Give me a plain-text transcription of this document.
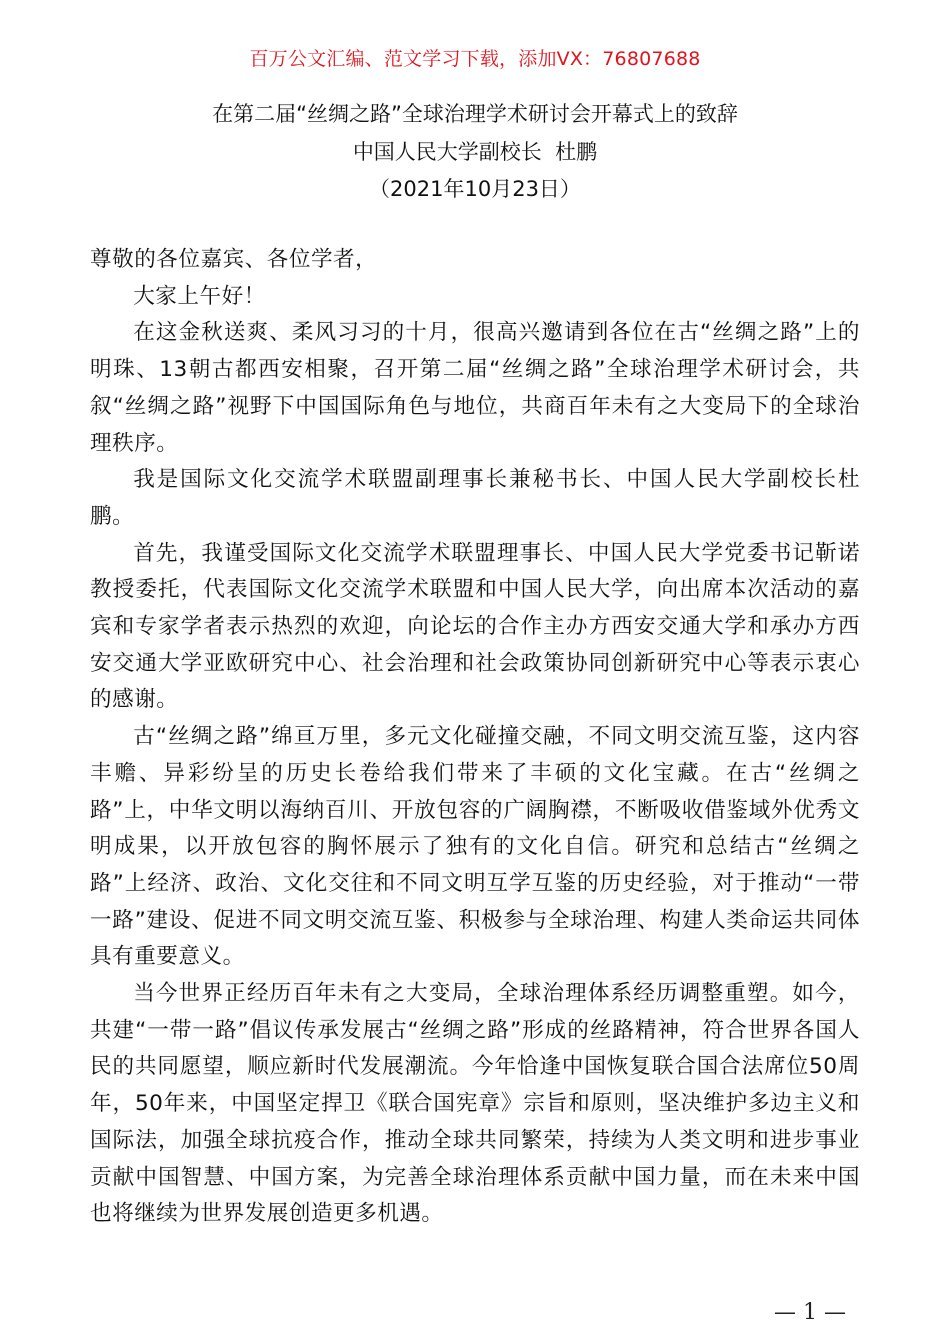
百万公文汇编、范文学习下载，添加VX：76807688
在第二届“丝绸之路”全球治理学术研讨会开幕式上的致辞
中国人民大学副校长  杜鹏
（2021年10月23日）

尊敬的各位嘉宾、各位学者，

大家上午好！

在这金秋送爽、柔风习习的十月，很高兴邀请到各位在古“丝绸之路”上的明珠、13朝古都西安相聚，召开第二届“丝绸之路”全球治理学术研讨会，共叙“丝绸之路”视野下中国国际角色与地位，共商百年未有之大变局下的全球治理秩序。

我是国际文化交流学术联盟副理事长兼秘书长、中国人民大学副校长杜鹏。

首先，我谨受国际文化交流学术联盟理事长、中国人民大学党委书记靳诺教授委托，代表国际文化交流学术联盟和中国人民大学，向出席本次活动的嘉宾和专家学者表示热烈的欢迎，向论坛的合作主办方西安交通大学和承办方西安交通大学亚欧研究中心、社会治理和社会政策协同创新研究中心等表示衷心的感谢。

古“丝绸之路”绵亘万里，多元文化碰撞交融，不同文明交流互鉴，这内容丰赡、异彩纷呈的历史长卷给我们带来了丰硕的文化宝藏。在古“丝绸之路”上，中华文明以海纳百川、开放包容的广阔胸襟，不断吸收借鉴域外优秀文明成果，以开放包容的胸怀展示了独有的文化自信。研究和总结古“丝绸之路”上经济、政治、文化交往和不同文明互学互鉴的历史经验，对于推动“一带一路”建设、促进不同文明交流互鉴、积极参与全球治理、构建人类命运共同体具有重要意义。

当今世界正经历百年未有之大变局，全球治理体系经历调整重塑。如今，共建“一带一路”倡议传承发展古“丝绸之路”形成的丝路精神，符合世界各国人民的共同愿望，顺应新时代发展潮流。今年恰逢中国恢复联合国合法席位50周年，50年来，中国坚定捍卫《联合国宪章》宗旨和原则，坚决维护多边主义和国际法，加强全球抗疫合作，推动全球共同繁荣，持续为人类文明和进步事业贡献中国智慧、中国方案，为完善全球治理体系贡献中国力量，而在未来中国也将继续为世界发展创造更多机遇。

— 1 —
